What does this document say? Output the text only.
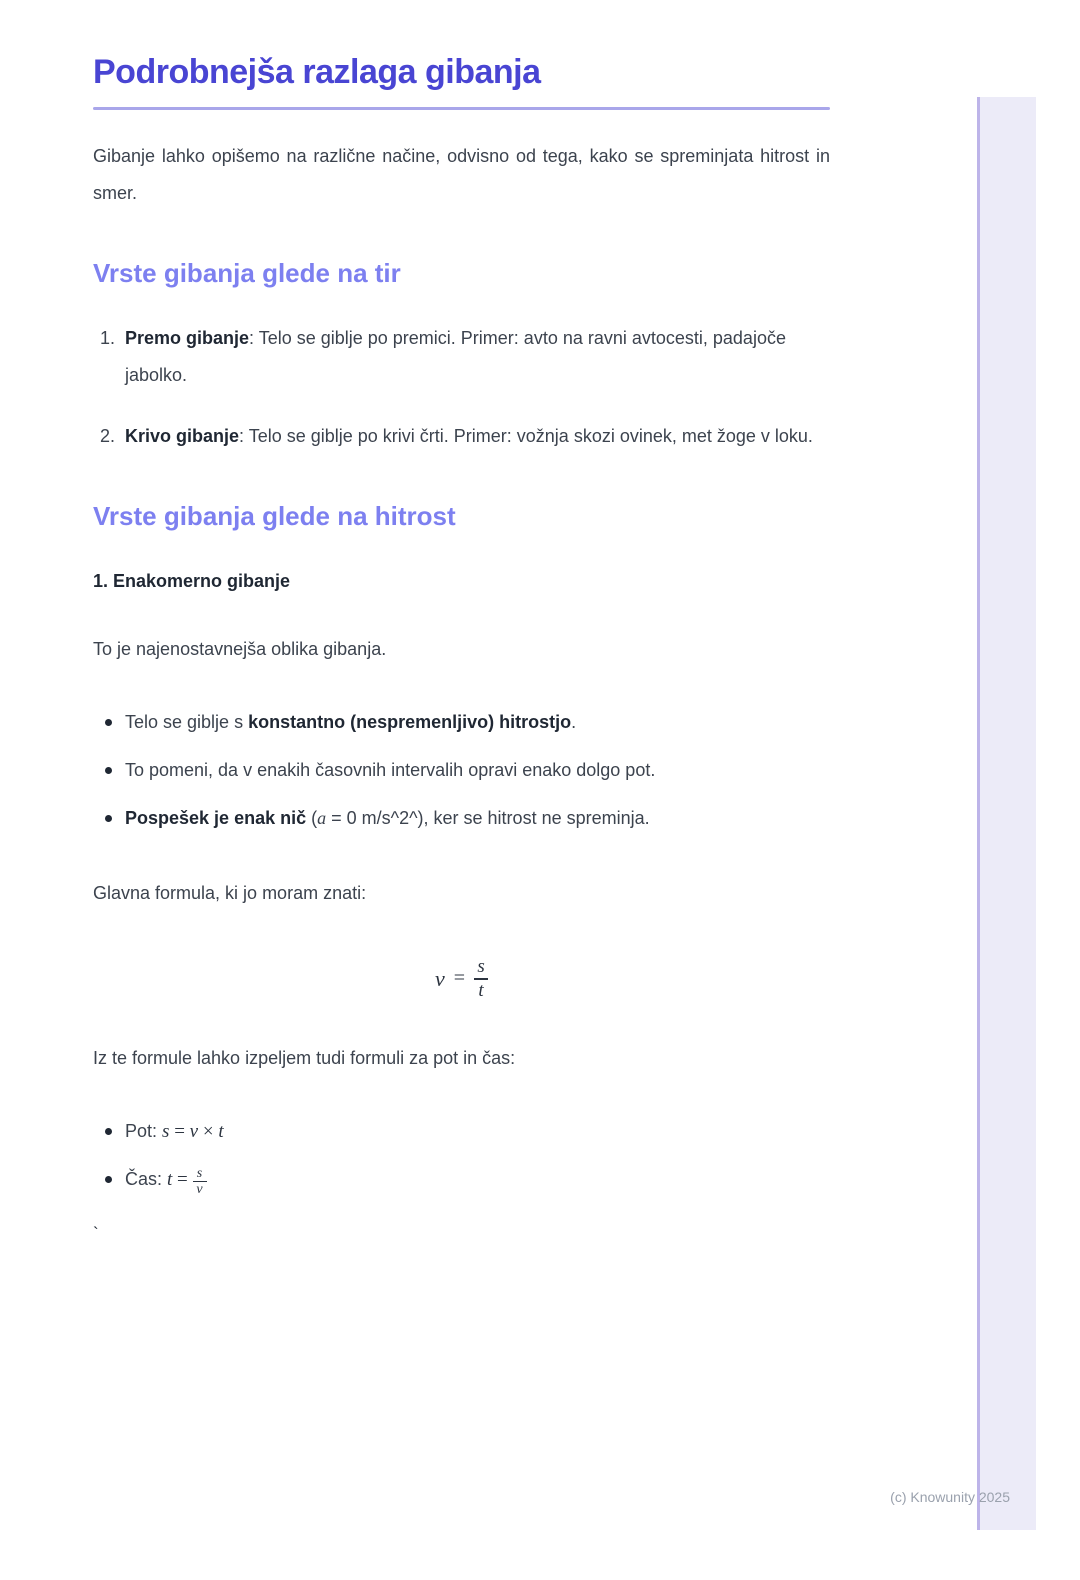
Podrobnejša razlaga gibanja

Gibanje lahko opišemo na različne načine, odvisno od tega, kako se spreminjata hitrost in smer.

Vrste gibanja glede na tir
1. Premo gibanje: Telo se giblje po premici. Primer: avto na ravni avtocesti, padajoče jabolko.
2. Krivo gibanje: Telo se giblje po krivi črti. Primer: vožnja skozi ovinek, met žoge v loku.
Vrste gibanja glede na hitrost
1. Enakomerno gibanje

To je najenostavnejša oblika gibanja.

Telo se giblje s konstantno (nespremenljivo) hitrostjo.
To pomeni, da v enakih časovnih intervalih opravi enako dolgo pot.
Pospešek je enak nič (a = 0 m/s^2^), ker se hitrost ne spreminja.

Glavna formula, ki jo moram znati:

$v = \frac{s}{t}$

Iz te formule lahko izpeljem tudi formuli za pot in čas:

Pot: s = v × t
Čas: $t = \frac{s}{v}$

`

(c) Knowunity 2025
